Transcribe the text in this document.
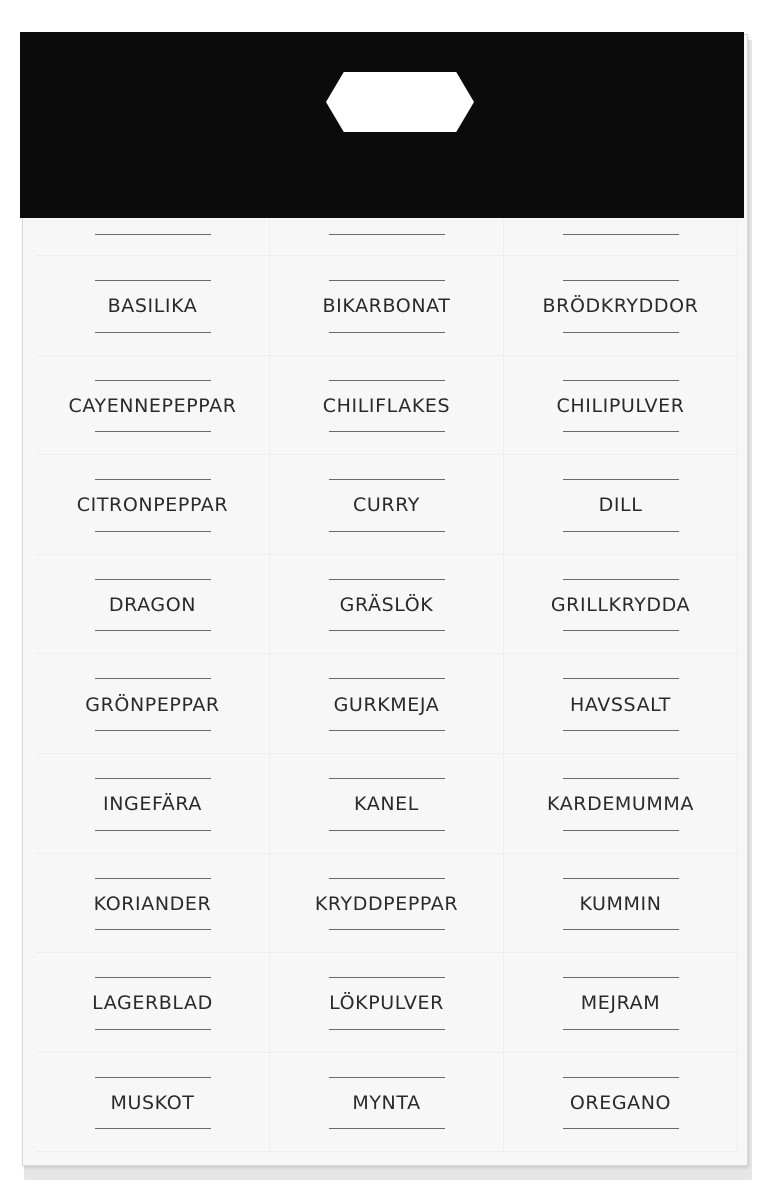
BASILIKA	BIKARBONAT	BRÖDKRYDDOR
CAYENNEPEPPAR	CHILIFLAKES	CHILIPULVER
CITRONPEPPAR	CURRY	DILL
DRAGON	GRÄSLÖK	GRILLKRYDDA
GRÖNPEPPAR	GURKMEJA	HAVSSALT
INGEFÄRA	KANEL	KARDEMUMMA
KORIANDER	KRYDDPEPPAR	KUMMIN
LAGERBLAD	LÖKPULVER	MEJRAM
MUSKOT	MYNTA	OREGANO
